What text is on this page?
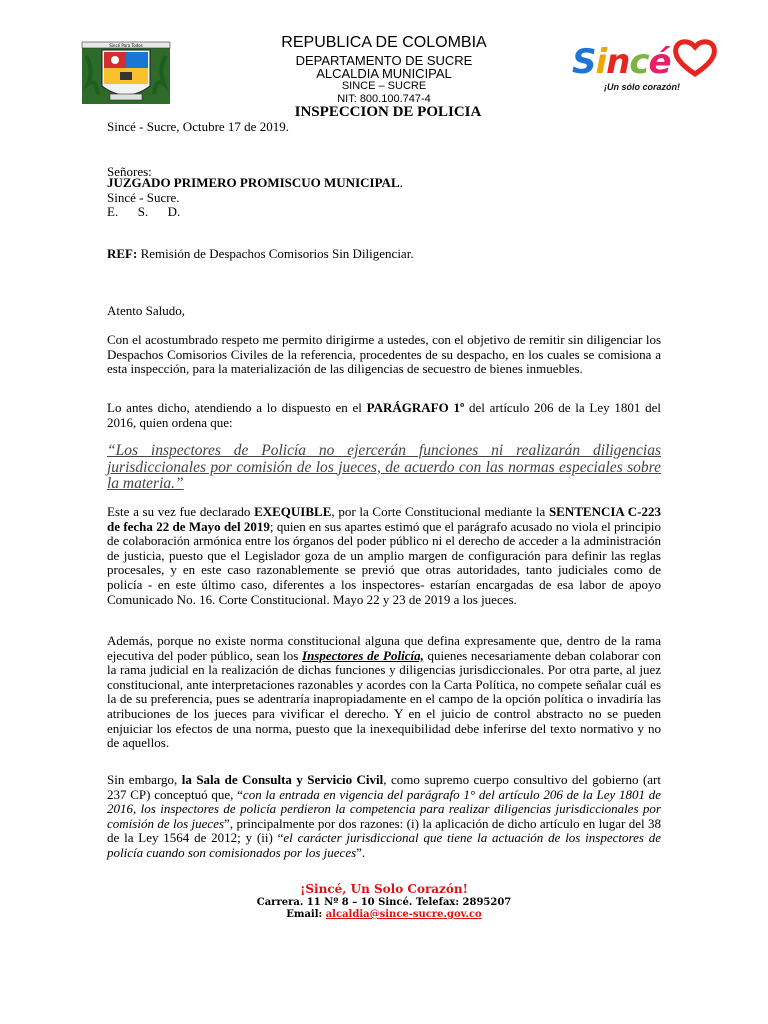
Sincé Para Todos	REPUBLICA DE COLOMBIA
DEPARTAMENTO DE SUCRE
ALCALDIA MUNICIPAL
SINCE – SUCRE
NIT: 800.100.747-4
INSPECCION DE POLICIA
Sincé
¡Un sólo corazón!
Sincé - Sucre, Octubre 17 de 2019.
Señores:
JUZGADO PRIMERO PROMISCUO MUNICIPAL.
Sincé - Sucre.
E.      S.      D.
REF: Remisión de Despachos Comisorios Sin Diligenciar.
Atento Saludo,
Con el acostumbrado respeto me permito dirigirme a ustedes, con el objetivo de remitir sin diligenciar los Despachos Comisorios Civiles de la referencia, procedentes de su despacho, en los cuales se comisiona a esta inspección, para la materialización de las diligencias de secuestro de bienes inmuebles.
Lo antes dicho, atendiendo a lo dispuesto en el PARÁGRAFO 1º del artículo 206 de la Ley 1801 del 2016, quien ordena que:
“Los inspectores de Policía no ejercerán funciones ni realizarán diligencias jurisdiccionales por comisión de los jueces, de acuerdo con las normas especiales sobre la materia.”
Este a su vez fue declarado EXEQUIBLE, por la Corte Constitucional mediante la SENTENCIA C-223 de fecha 22 de Mayo del 2019; quien en sus apartes estimó que el parágrafo acusado no viola el principio de colaboración armónica entre los órganos del poder público ni el derecho de acceder a la administración de justicia, puesto que el Legislador goza de un amplio margen de configuración para definir las reglas procesales, y en este caso razonablemente se previó que otras autoridades, tanto judiciales como de policía - en este último caso, diferentes a los inspectores- estarían encargadas de esa labor de apoyo Comunicado No. 16. Corte Constitucional. Mayo 22 y 23 de 2019 a los jueces.
Además, porque no existe norma constitucional alguna que defina expresamente que, dentro de la rama ejecutiva del poder público, sean los Inspectores de Policía, quienes necesariamente deban colaborar con la rama judicial en la realización de dichas funciones y diligencias jurisdiccionales. Por otra parte, al juez constitucional, ante interpretaciones razonables y acordes con la Carta Política, no compete señalar cuál es la de su preferencia, pues se adentraría inapropiadamente en el campo de la opción política o invadiría las atribuciones de los jueces para vivificar el derecho. Y en el juicio de control abstracto no se pueden enjuiciar los efectos de una norma, puesto que la inexequibilidad debe inferirse del texto normativo y no de aquellos.
Sin embargo, la Sala de Consulta y Servicio Civil, como supremo cuerpo consultivo del gobierno (art 237 CP) conceptuó que, “con la entrada en vigencia del parágrafo 1° del artículo 206 de la Ley 1801 de 2016, los inspectores de policía perdieron la competencia para realizar diligencias jurisdiccionales por comisión de los jueces”, principalmente por dos razones: (i) la aplicación de dicho artículo en lugar del 38 de la Ley 1564 de 2012; y (ii) “el carácter jurisdiccional que tiene la actuación de los inspectores de policía cuando son comisionados por los jueces”.
¡Sincé, Un Solo Corazón!
Carrera. 11 Nº 8 – 10 Sincé. Telefax: 2895207
Email: alcaldia@since-sucre.gov.co
